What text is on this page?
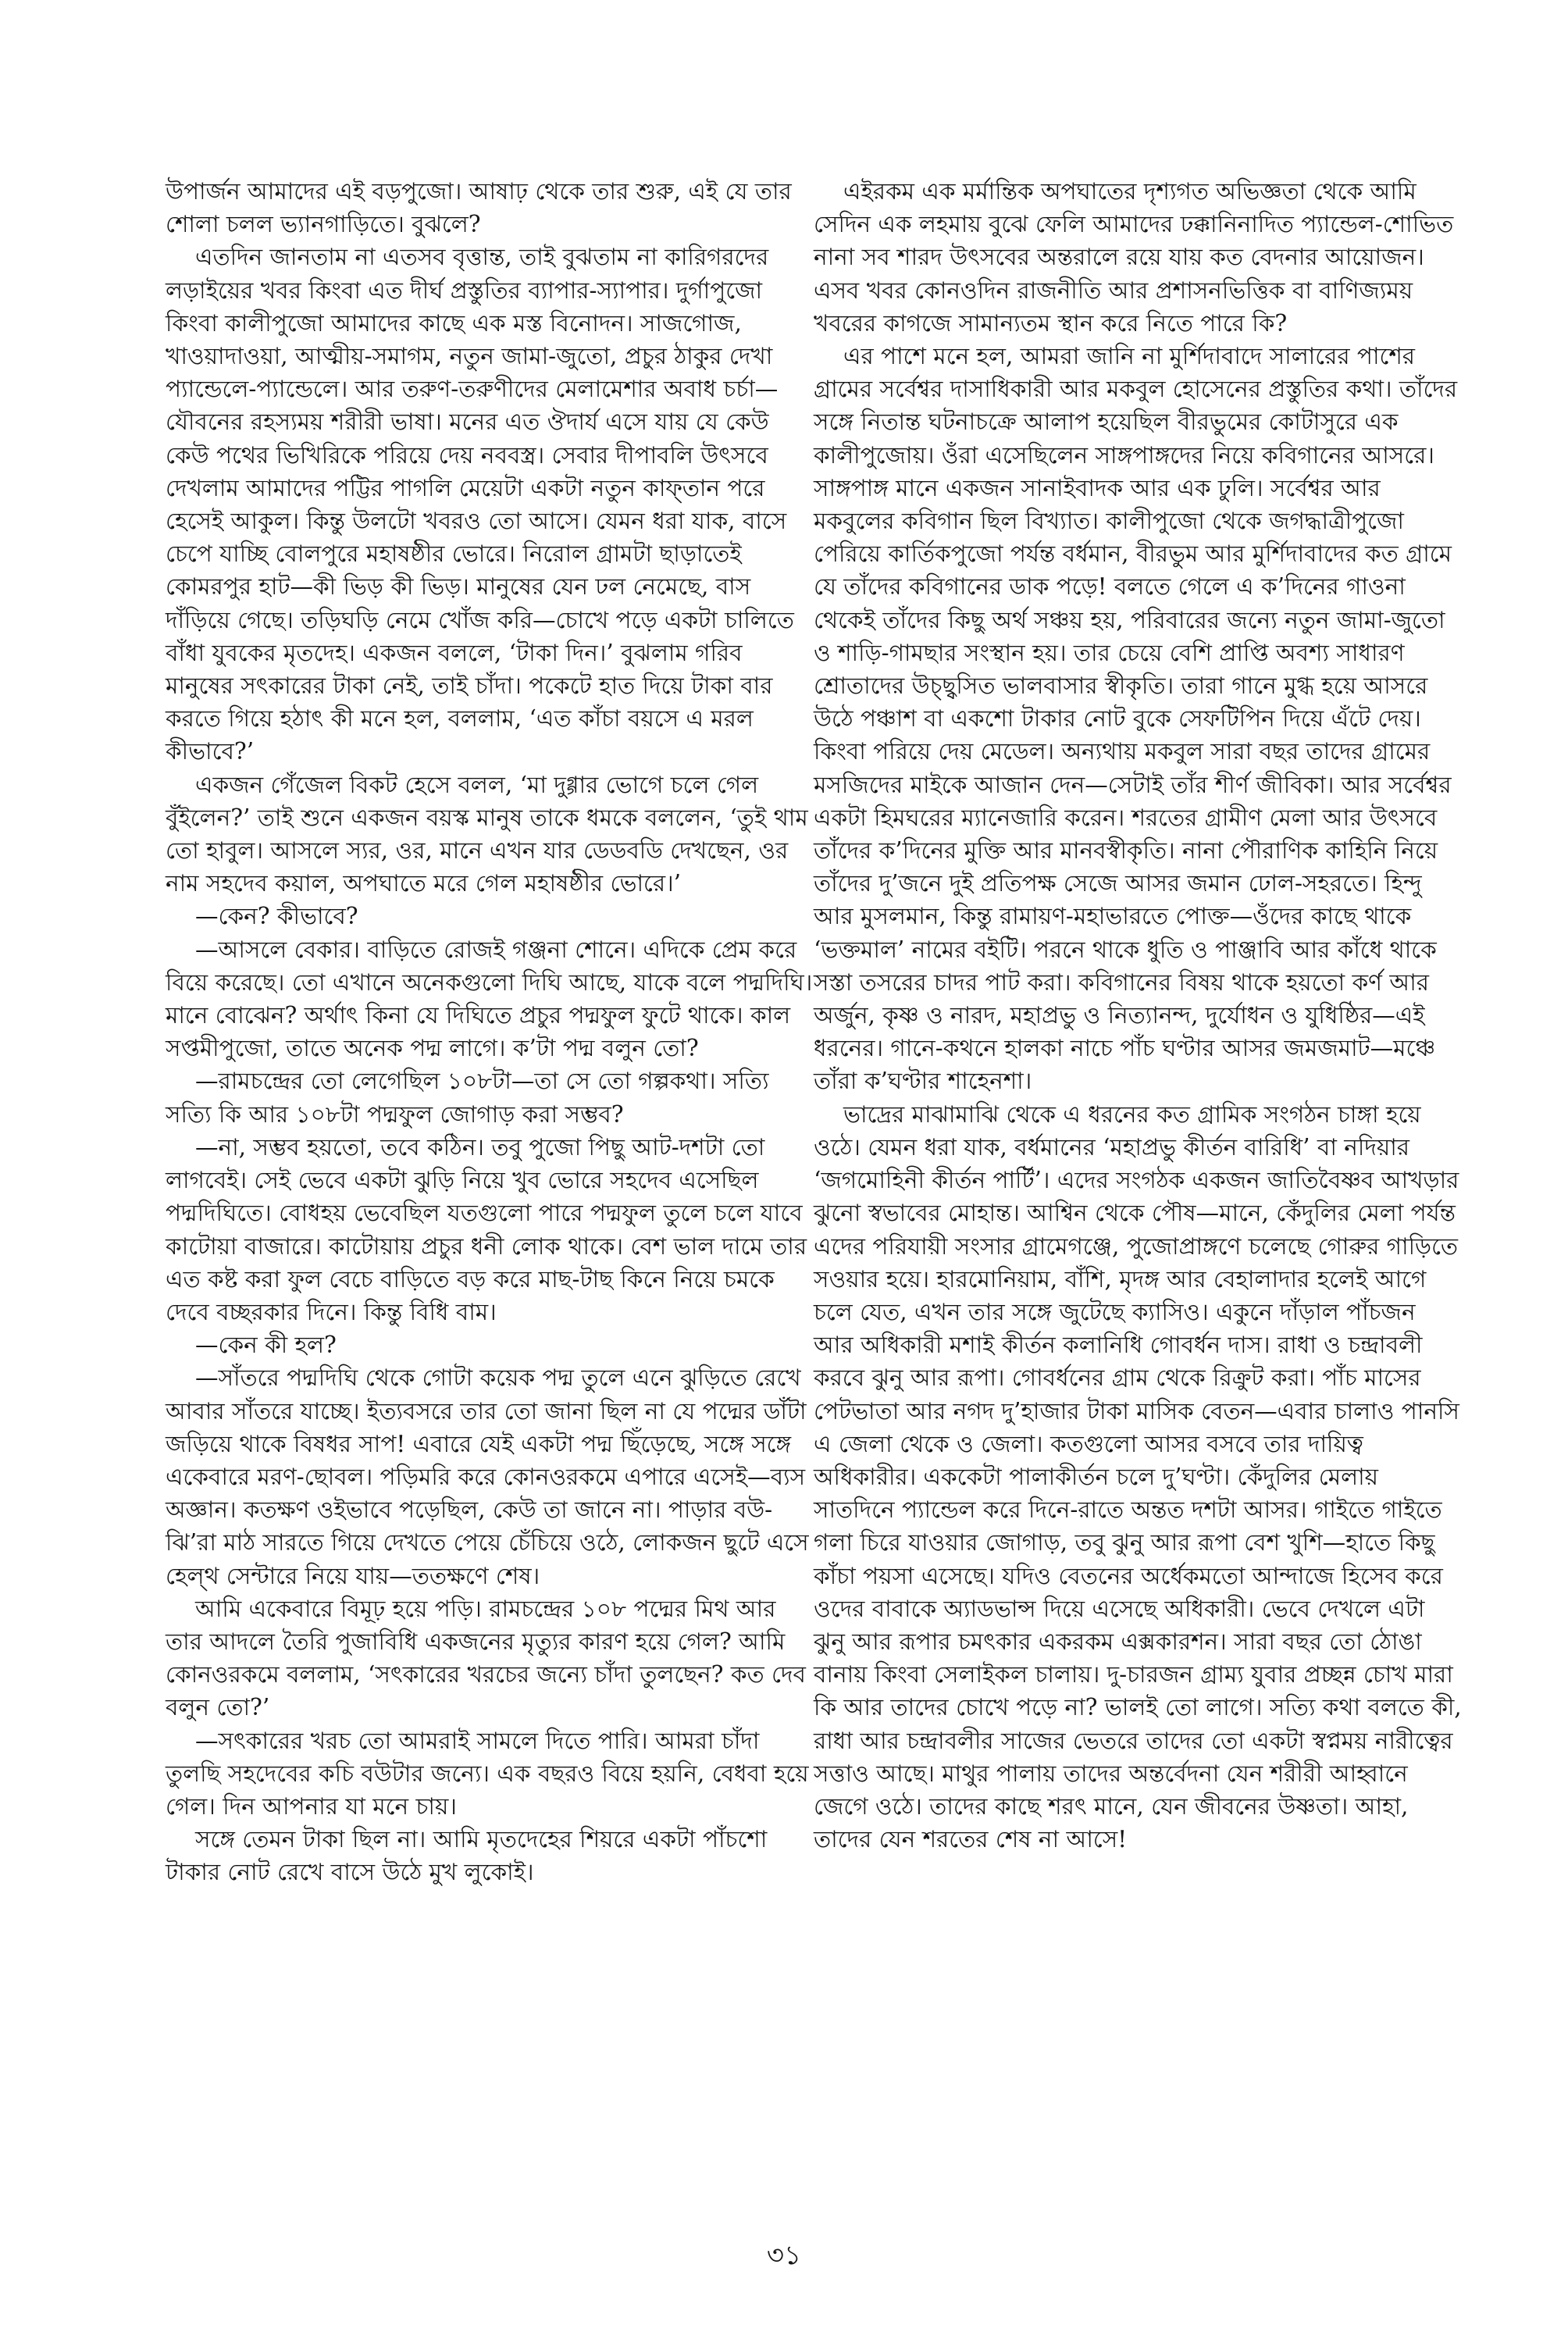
উপার্জন আমাদের এই বড়পুজো। আষাঢ় থেকে তার শুরু, এই যে তার শোলা চলল ভ্যানগাড়িতে। বুঝলে?

এতদিন জানতাম না এতসব বৃত্তান্ত, তাই বুঝতাম না কারিগরদের লড়াইয়ের খবর কিংবা এত দীর্ঘ প্রস্তুতির ব্যাপার-স্যাপার। দুর্গাপুজো কিংবা কালীপুজো আমাদের কাছে এক মস্ত বিনোদন। সাজগোজ, খাওয়াদাওয়া, আত্মীয়-সমাগম, নতুন জামা-জুতো, প্রচুর ঠাকুর দেখা প্যান্ডেলে-প্যান্ডেলে। আর তরুণ-তরুণীদের মেলামেশার অবাধ চর্চা—যৌবনের রহস্যময় শরীরী ভাষা। মনের এত ঔদার্য এসে যায় যে কেউ কেউ পথের ভিখিরিকে পরিয়ে দেয় নববস্ত্র। সেবার দীপাবলি উৎসবে দেখলাম আমাদের পট্টির পাগলি মেয়েটা একটা নতুন কাফ্‌তান পরে হেসেই আকুল। কিন্তু উলটো খবরও তো আসে। যেমন ধরা যাক, বাসে চেপে যাচ্ছি বোলপুরে মহাষষ্ঠীর ভোরে। নিরোল গ্রামটা ছাড়াতেই কোমরপুর হাট—কী ভিড় কী ভিড়। মানুষের যেন ঢল নেমেছে, বাস দাঁড়িয়ে গেছে। তড়িঘড়ি নেমে খোঁজ করি—চোখে পড়ে একটা চালিতে বাঁধা যুবকের মৃতদেহ। একজন বললে, ‘টাকা দিন।’ বুঝলাম গরিব মানুষের সৎকারের টাকা নেই, তাই চাঁদা। পকেটে হাত দিয়ে টাকা বার করতে গিয়ে হঠাৎ কী মনে হল, বললাম, ‘এত কাঁচা বয়সে এ মরল কীভাবে?’

একজন গেঁজেল বিকট হেসে বলল, ‘মা দুগ্গার ভোগে চলে গেল বুঁইলেন?’ তাই শুনে একজন বয়স্ক মানুষ তাকে ধমকে বললেন, ‘তুই থাম তো হাবুল। আসলে স্যর, ওর, মানে এখন যার ডেডবডি দেখছেন, ওর নাম সহদেব কয়াল, অপঘাতে মরে গেল মহাষষ্ঠীর ভোরে।’

—কেন? কীভাবে?

—আসলে বেকার। বাড়িতে রোজই গঞ্জনা শোনে। এদিকে প্রেম করে বিয়ে করেছে। তো এখানে অনেকগুলো দিঘি আছে, যাকে বলে পদ্মদিঘি। মানে বোঝেন? অর্থাৎ কিনা যে দিঘিতে প্রচুর পদ্মফুল ফুটে থাকে। কাল সপ্তমীপুজো, তাতে অনেক পদ্ম লাগে। ক’টা পদ্ম বলুন তো?

—রামচন্দ্রের তো লেগেছিল ১০৮টা—তা সে তো গল্পকথা। সত্যি সত্যি কি আর ১০৮টা পদ্মফুল জোগাড় করা সম্ভব?

—না, সম্ভব হয়তো, তবে কঠিন। তবু পুজো পিছু আট-দশটা তো লাগবেই। সেই ভেবে একটা ঝুড়ি নিয়ে খুব ভোরে সহদেব এসেছিল পদ্মদিঘিতে। বোধহয় ভেবেছিল যতগুলো পারে পদ্মফুল তুলে চলে যাবে কাটোয়া বাজারে। কাটোয়ায় প্রচুর ধনী লোক থাকে। বেশ ভাল দামে তার এত কষ্ট করা ফুল বেচে বাড়িতে বড় করে মাছ-টাছ কিনে নিয়ে চমকে দেবে বচ্ছরকার দিনে। কিন্তু বিধি বাম।

—কেন কী হল?

—সাঁতরে পদ্মদিঘি থেকে গোটা কয়েক পদ্ম তুলে এনে ঝুড়িতে রেখে আবার সাঁতরে যাচ্ছে। ইত্যবসরে তার তো জানা ছিল না যে পদ্মের ডাঁটা জড়িয়ে থাকে বিষধর সাপ! এবারে যেই একটা পদ্ম ছিঁড়েছে, সঙ্গে সঙ্গে একেবারে মরণ-ছোবল। পড়িমরি করে কোনওরকমে এপারে এসেই—ব্যস অজ্ঞান। কতক্ষণ ওইভাবে পড়েছিল, কেউ তা জানে না। পাড়ার বউ-ঝি’রা মাঠ সারতে গিয়ে দেখতে পেয়ে চেঁচিয়ে ওঠে, লোকজন ছুটে এসে হেল্‌থ সেন্টারে নিয়ে যায়—ততক্ষণে শেষ।

আমি একেবারে বিমূঢ় হয়ে পড়ি। রামচন্দ্রের ১০৮ পদ্মের মিথ আর তার আদলে তৈরি পুজাবিধি একজনের মৃত্যুর কারণ হয়ে গেল? আমি কোনওরকমে বললাম, ‘সৎকারের খরচের জন্যে চাঁদা তুলছেন? কত দেব বলুন তো?’

—সৎকারের খরচ তো আমরাই সামলে দিতে পারি। আমরা চাঁদা তুলছি সহদেবের কচি বউটার জন্যে। এক বছরও বিয়ে হয়নি, বেধবা হয়ে গেল। দিন আপনার যা মনে চায়।

সঙ্গে তেমন টাকা ছিল না। আমি মৃতদেহের শিয়রে একটা পাঁচশো টাকার নোট রেখে বাসে উঠে মুখ লুকোই।

এইরকম এক মর্মান্তিক অপঘাতের দৃশ্যগত অভিজ্ঞতা থেকে আমি সেদিন এক লহমায় বুঝে ফেলি আমাদের ঢক্কানিনাদিত প্যান্ডেল-শোভিত নানা সব শারদ উৎসবের অন্তরালে রয়ে যায় কত বেদনার আয়োজন। এসব খবর কোনওদিন রাজনীতি আর প্রশাসনভিত্তিক বা বাণিজ্যময় খবরের কাগজে সামান্যতম স্থান করে নিতে পারে কি?

এর পাশে মনে হল, আমরা জানি না মুর্শিদাবাদে সালারের পাশের গ্রামের সর্বেশ্বর দাসাধিকারী আর মকবুল হোসেনের প্রস্তুতির কথা। তাঁদের সঙ্গে নিতান্ত ঘটনাচক্রে আলাপ হয়েছিল বীরভুমের কোটাসুরে এক কালীপুজোয়। ওঁরা এসেছিলেন সাঙ্গপাঙ্গদের নিয়ে কবিগানের আসরে। সাঙ্গপাঙ্গ মানে একজন সানাইবাদক আর এক ঢুলি। সর্বেশ্বর আর মকবুলের কবিগান ছিল বিখ্যাত। কালীপুজো থেকে জগদ্ধাত্রীপুজো পেরিয়ে কার্তিকপুজো পর্যন্ত বর্ধমান, বীরভুম আর মুর্শিদাবাদের কত গ্রামে যে তাঁদের কবিগানের ডাক পড়ে! বলতে গেলে এ ক’দিনের গাওনা থেকেই তাঁদের কিছু অর্থ সঞ্চয় হয়, পরিবারের জন্যে নতুন জামা-জুতো ও শাড়ি-গামছার সংস্থান হয়। তার চেয়ে বেশি প্রাপ্তি অবশ্য সাধারণ শ্রোতাদের উচ্ছ্বসিত ভালবাসার স্বীকৃতি। তারা গানে মুগ্ধ হয়ে আসরে উঠে পঞ্চাশ বা একশো টাকার নোট বুকে সেফটিপিন দিয়ে এঁটে দেয়। কিংবা পরিয়ে দেয় মেডেল। অন্যথায় মকবুল সারা বছর তাদের গ্রামের মসজিদের মাইকে আজান দেন—সেটাই তাঁর শীর্ণ জীবিকা। আর সর্বেশ্বর একটা হিমঘরের ম্যানেজারি করেন। শরতের গ্রামীণ মেলা আর উৎসবে তাঁদের ক’দিনের মুক্তি আর মানবস্বীকৃতি। নানা পৌরাণিক কাহিনি নিয়ে তাঁদের দু’জনে দুই প্রতিপক্ষ সেজে আসর জমান ঢোল-সহরতে। হিন্দু আর মুসলমান, কিন্তু রামায়ণ-মহাভারতে পোক্ত—ওঁদের কাছে থাকে ‘ভক্তমাল’ নামের বইটি। পরনে থাকে ধুতি ও পাঞ্জাবি আর কাঁধে থাকে সস্তা তসরের চাদর পাট করা। কবিগানের বিষয় থাকে হয়তো কর্ণ আর অর্জুন, কৃষ্ণ ও নারদ, মহাপ্রভু ও নিত্যানন্দ, দুর্যোধন ও যুধিষ্ঠির—এই ধরনের। গানে-কথনে হালকা নাচে পাঁচ ঘণ্টার আসর জমজমাট—মঞ্চে তাঁরা ক’ঘণ্টার শাহেনশা।

ভাদ্রের মাঝামাঝি থেকে এ ধরনের কত গ্রামিক সংগঠন চাঙ্গা হয়ে ওঠে। যেমন ধরা যাক, বর্ধমানের ‘মহাপ্রভু কীর্তন বারিধি’ বা নদিয়ার ‘জগমোহিনী কীর্তন পার্টি’। এদের সংগঠক একজন জাতিবৈষ্ণব আখড়ার ঝুনো স্বভাবের মোহান্ত। আশ্বিন থেকে পৌষ—মানে, কেঁদুলির মেলা পর্যন্ত এদের পরিযায়ী সংসার গ্রামেগঞ্জে, পুজোপ্রাঙ্গণে চলেছে গোরুর গাড়িতে সওয়ার হয়ে। হারমোনিয়াম, বাঁশি, মৃদঙ্গ আর বেহালাদার হলেই আগে চলে যেত, এখন তার সঙ্গে জুটেছে ক্যাসিও। একুনে দাঁড়াল পাঁচজন আর অধিকারী মশাই কীর্তন কলানিধি গোবর্ধন দাস। রাধা ও চন্দ্রাবলী করবে ঝুনু আর রূপা। গোবর্ধনের গ্রাম থেকে রিক্রুট করা। পাঁচ মাসের পেটভাতা আর নগদ দু’হাজার টাকা মাসিক বেতন—এবার চালাও পানসি এ জেলা থেকে ও জেলা। কতগুলো আসর বসবে তার দায়িত্ব অধিকারীর। এককেটা পালাকীর্তন চলে দু’ঘণ্টা। কেঁদুলির মেলায় সাতদিনে প্যান্ডেল করে দিনে-রাতে অন্তত দশটা আসর। গাইতে গাইতে গলা চিরে যাওয়ার জোগাড়, তবু ঝুনু আর রূপা বেশ খুশি—হাতে কিছু কাঁচা পয়সা এসেছে। যদিও বেতনের অর্ধেকমতো আন্দাজে হিসেব করে ওদের বাবাকে অ্যাডভান্স দিয়ে এসেছে অধিকারী। ভেবে দেখলে এটা ঝুনু আর রূপার চমৎকার একরকম এক্সকারশন। সারা বছর তো ঠোঙা বানায় কিংবা সেলাইকল চালায়। দু-চারজন গ্রাম্য যুবার প্রচ্ছন্ন চোখ মারা কি আর তাদের চোখে পড়ে না? ভালই তো লাগে। সত্যি কথা বলতে কী, রাধা আর চন্দ্রাবলীর সাজের ভেতরে তাদের তো একটা স্বপ্নময় নারীত্বের সত্তাও আছে। মাথুর পালায় তাদের অন্তর্বেদনা যেন শরীরী আহ্বানে জেগে ওঠে। তাদের কাছে শরৎ মানে, যেন জীবনের উষ্ণতা। আহা, তাদের যেন শরতের শেষ না আসে!

৩১
